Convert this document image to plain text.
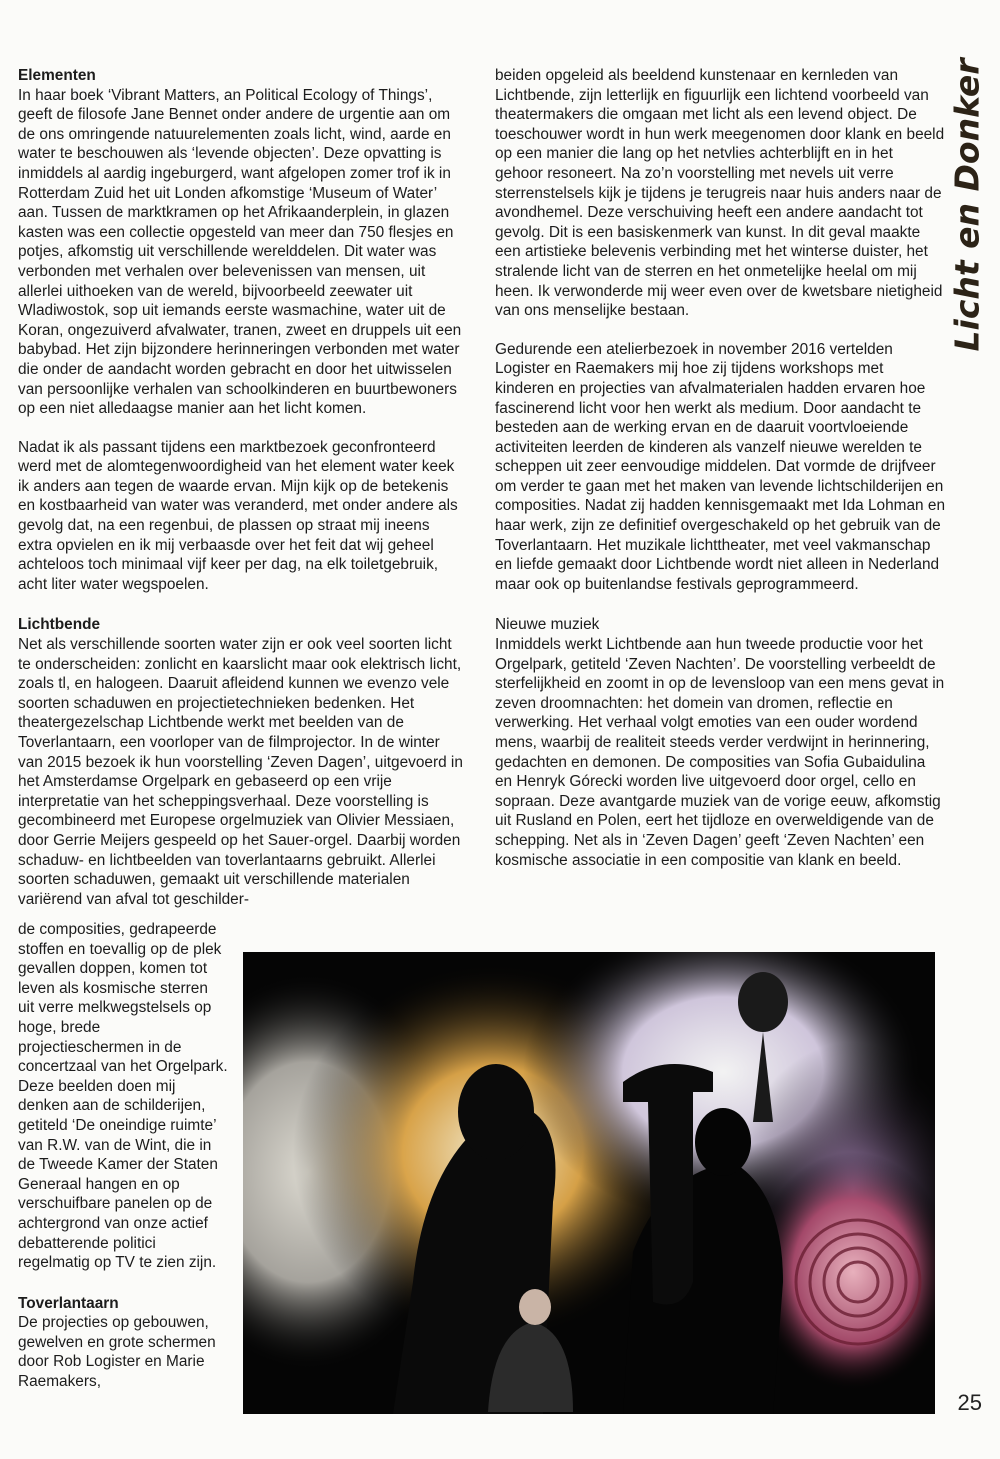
Licht en Donker
Elementen

In haar boek ‘Vibrant Matters, an Political Ecology of Things’, geeft de filosofe Jane Bennet onder andere de urgentie aan om de ons omringende natuurelementen zoals licht, wind, aarde en water te beschouwen als ‘levende objecten’. Deze opvatting is inmiddels al aardig ingeburgerd, want afgelopen zomer trof ik in Rotterdam Zuid het uit Londen afkomstige ‘Museum of Water’ aan. Tussen de marktkramen op het Afrikaanderplein, in glazen kasten was een collectie opgesteld van meer dan 750 flesjes en potjes, afkomstig uit verschillende werelddelen. Dit water was verbonden met verhalen over belevenissen van mensen, uit allerlei uithoeken van de wereld, bijvoorbeeld zeewater uit Wladiwostok, sop uit iemands eerste wasmachine, water uit de Koran, ongezuiverd afvalwater, tranen, zweet en druppels uit een babybad. Het zijn bijzondere herinneringen verbonden met water die onder de aandacht worden gebracht en door het uitwisselen van persoonlijke verhalen van schoolkinderen en buurtbewoners op een niet alledaagse manier aan het licht komen.

Nadat ik als passant tijdens een marktbezoek geconfronteerd werd met de alomtegenwoordigheid van het element water keek ik anders aan tegen de waarde ervan. Mijn kijk op de betekenis en kostbaarheid van water was veranderd, met onder andere als gevolg dat, na een regenbui, de plassen op straat mij ineens extra opvielen en ik mij verbaasde over het feit dat wij geheel achteloos toch minimaal vijf keer per dag, na elk toiletgebruik, acht liter water wegspoelen.

Lichtbende

Net als verschillende soorten water zijn er ook veel soorten licht te onderscheiden: zonlicht en kaarslicht maar ook elektrisch licht, zoals tl, en halogeen. Daaruit afleidend kunnen we evenzo vele soorten schaduwen en projectietechnieken bedenken. Het theatergezelschap Lichtbende werkt met beelden van de Toverlantaarn, een voorloper van de filmprojector. In de winter van 2015 bezoek ik hun voorstelling ‘Zeven Dagen’, uitgevoerd in het Amsterdamse Orgelpark en gebaseerd op een vrije interpretatie van het scheppingsverhaal. Deze voorstelling is gecombineerd met Europese orgelmuziek van Olivier Messiaen, door Gerrie Meijers gespeeld op het Sauer-orgel. Daarbij worden schaduw- en lichtbeelden van toverlantaarns gebruikt. Allerlei soorten schaduwen, gemaakt uit verschillende materialen variërend van afval tot geschilder-

de composities, gedrapeerde stoffen en toevallig op de plek gevallen doppen, komen tot leven als kosmische sterren uit verre melkwegstelsels op hoge, brede projectieschermen in de concertzaal van het Orgelpark. Deze beelden doen mij denken aan de schilderijen, getiteld ‘De oneindige ruimte’ van R.W. van de Wint, die in de Tweede Kamer der Staten Generaal hangen en op verschuifbare panelen op de achtergrond van onze actief debatterende politici regelmatig op TV te zien zijn.

Toverlantaarn

De projecties op gebouwen, gewelven en grote schermen door Rob Logister en Marie Raemakers,

beiden opgeleid als beeldend kunstenaar en kernleden van Lichtbende, zijn letterlijk en figuurlijk een lichtend voorbeeld van theatermakers die omgaan met licht als een levend object. De toeschouwer wordt in hun werk meegenomen door klank en beeld op een manier die lang op het netvlies achterblijft en in het gehoor resoneert. Na zo’n voorstelling met nevels uit verre sterrenstelsels kijk je tijdens je terugreis naar huis anders naar de avondhemel. Deze verschuiving heeft een andere aandacht tot gevolg. Dit is een basiskenmerk van kunst. In dit geval maakte een artistieke belevenis verbinding met het winterse duister, het stralende licht van de sterren en het onmetelijke heelal om mij heen. Ik verwonderde mij weer even over de kwetsbare nietigheid van ons menselijke bestaan.

Gedurende een atelierbezoek in november 2016 vertelden Logister en Raemakers mij hoe zij tijdens workshops met kinderen en projecties van afvalmaterialen hadden ervaren hoe fascinerend licht voor hen werkt als medium. Door aandacht te besteden aan de werking ervan en de daaruit voortvloeiende activiteiten leerden de kinderen als vanzelf nieuwe werelden te scheppen uit zeer eenvoudige middelen. Dat vormde de drijfveer om verder te gaan met het maken van levende lichtschilderijen en composities. Nadat zij hadden kennisgemaakt met Ida Lohman en haar werk, zijn ze definitief overgeschakeld op het gebruik van de Toverlantaarn. Het muzikale lichttheater, met veel vakmanschap en liefde gemaakt door Lichtbende wordt niet alleen in Nederland maar ook op buitenlandse festivals geprogrammeerd.

Nieuwe muziek

Inmiddels werkt Lichtbende aan hun tweede productie voor het Orgelpark, getiteld ‘Zeven Nachten’. De voorstelling verbeeldt de sterfelijkheid en zoomt in op de levensloop van een mens gevat in zeven droomnachten: het domein van dromen, reflectie en verwerking. Het verhaal volgt emoties van een ouder wordend mens, waarbij de realiteit steeds verder verdwijnt in herinnering, gedachten en demonen. De composities van Sofia Gubaidulina en Henryk Górecki worden live uitgevoerd door orgel, cello en sopraan. Deze avantgarde muziek van de vorige eeuw, afkomstig uit Rusland en Polen, eert het tijdloze en overweldigende van de schepping. Net als in ‘Zeven Dagen’ geeft ‘Zeven Nachten’ een kosmische associatie in een compositie van klank en beeld.

25
